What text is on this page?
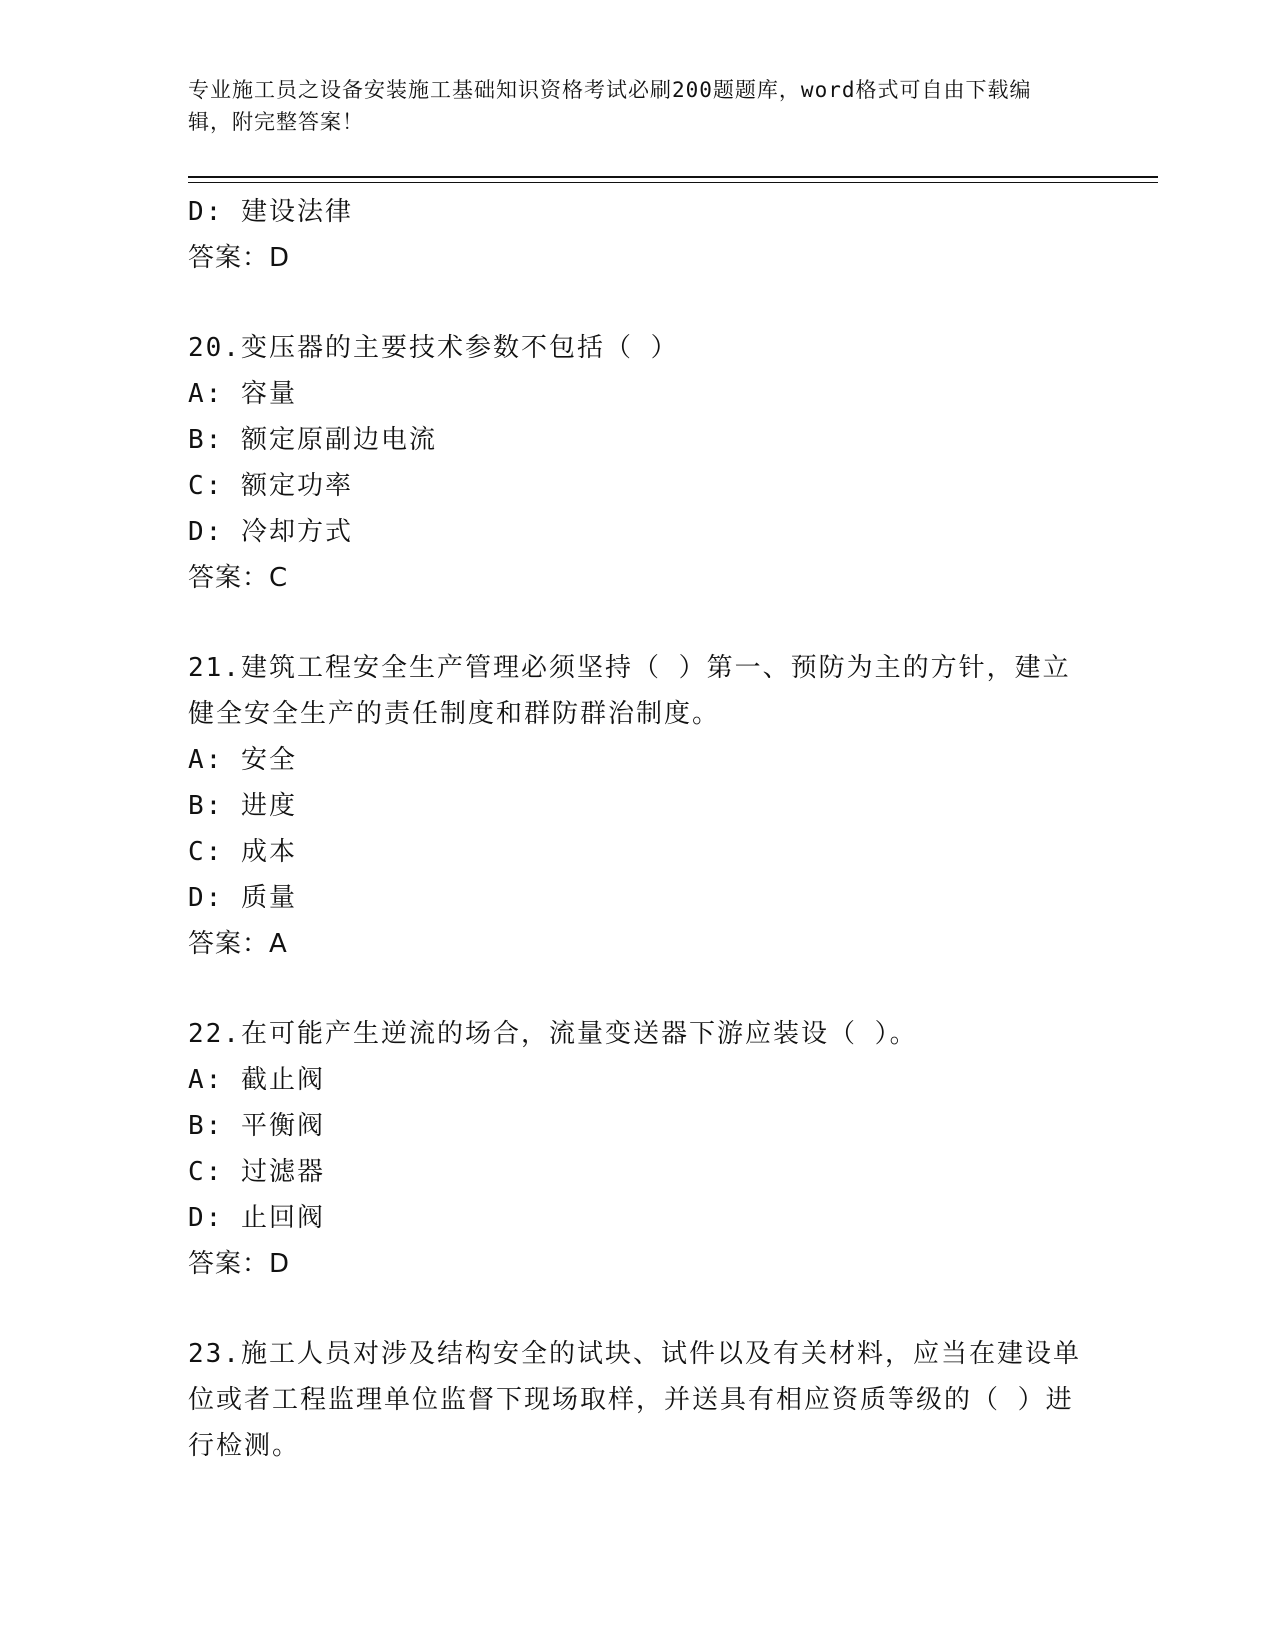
专业施工员之设备安装施工基础知识资格考试必刷200题题库，word格式可自由下载编辑，附完整答案！
D: 建设法律
答案：D
20.变压器的主要技术参数不包括（ ）
A: 容量
B: 额定原副边电流
C: 额定功率
D: 冷却方式
答案：C
21.建筑工程安全生产管理必须坚持（ ）第一、预防为主的方针，建立健全安全生产的责任制度和群防群治制度。
A: 安全
B: 进度
C: 成本
D: 质量
答案：A
22.在可能产生逆流的场合，流量变送器下游应装设（ ）。
A: 截止阀
B: 平衡阀
C: 过滤器
D: 止回阀
答案：D
23.施工人员对涉及结构安全的试块、试件以及有关材料，应当在建设单位或者工程监理单位监督下现场取样，并送具有相应资质等级的（ ）进行检测。
